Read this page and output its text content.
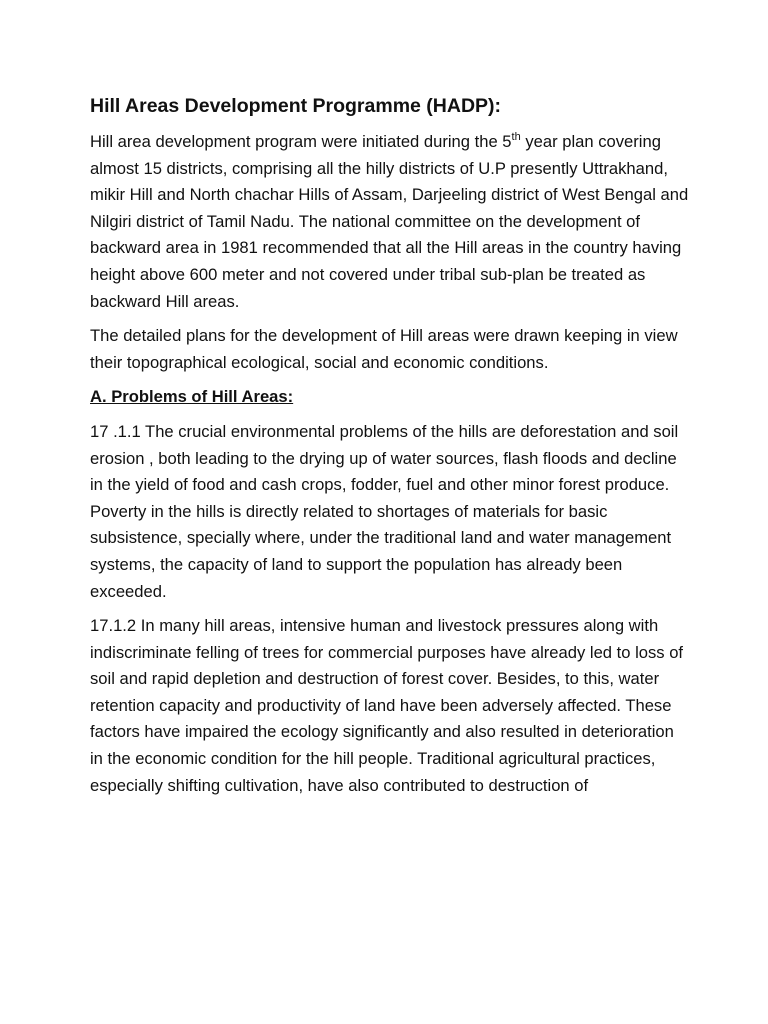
Hill Areas Development Programme (HADP):

Hill area development program were initiated during the 5th year plan covering almost 15 districts, comprising all the hilly districts of U.P presently Uttrakhand, mikir Hill and North chachar Hills of Assam, Darjeeling district of West Bengal and Nilgiri district of Tamil Nadu. The national committee on the development of backward area in 1981 recommended that all the Hill areas in the country having height above 600 meter and not covered under tribal sub-plan be treated as backward Hill areas.

The detailed plans for the development of Hill areas were drawn keeping in view their topographical ecological, social and economic conditions.

A. Problems of Hill Areas:

17 .1.1 The crucial environmental problems of the hills are deforestation and soil erosion , both leading to the drying up of water sources, flash floods and decline in the yield of food and cash crops, fodder, fuel and other minor forest produce. Poverty in the hills is directly related to shortages of materials for basic subsistence, specially where, under the traditional land and water management systems, the capacity of land to support the population has already been exceeded.

17.1.2 In many hill areas, intensive human and livestock pressures along with indiscriminate felling of trees for commercial purposes have already led to loss of soil and rapid depletion and destruction of forest cover. Besides, to this, water retention capacity and productivity of land have been adversely affected. These factors have impaired the ecology significantly and also resulted in deterioration in the economic condition for the hill people. Traditional agricultural practices, especially shifting cultivation, have also contributed to destruction of
